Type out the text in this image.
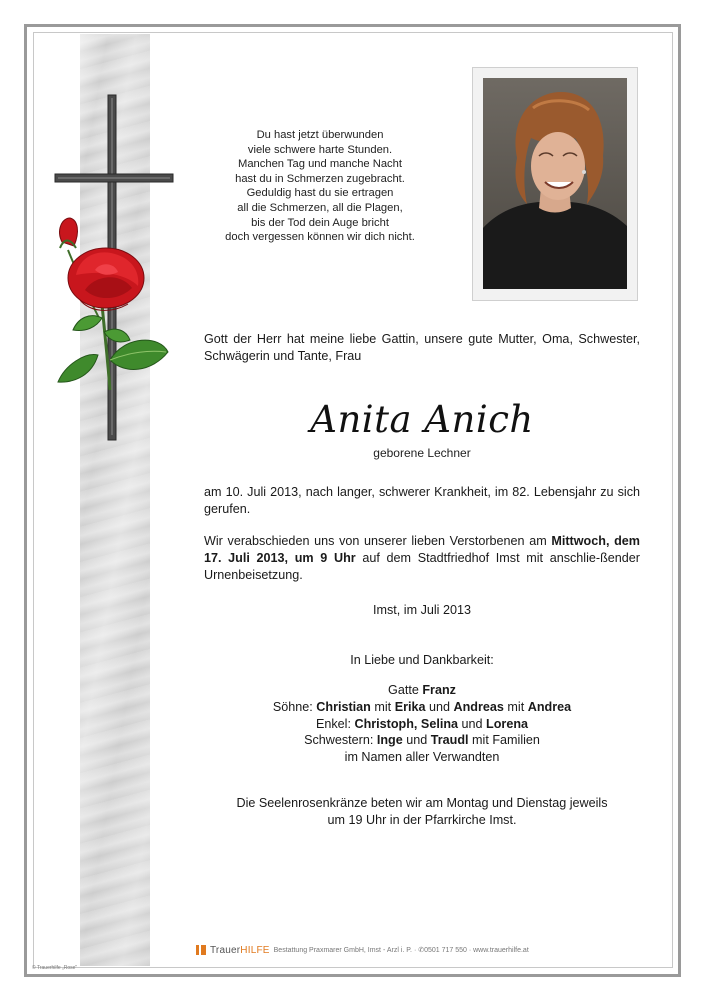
Du hast jetzt überwunden
viele schwere harte Stunden.
Manchen Tag und manche Nacht
hast du in Schmerzen zugebracht.
Geduldig hast du sie ertragen
all die Schmerzen, all die Plagen,
bis der Tod dein Auge bricht
doch vergessen können wir dich nicht.
Gott der Herr hat meine liebe Gattin, unsere gute Mutter, Oma, Schwester, Schwägerin und Tante, Frau
Anita Anich
geborene Lechner
am 10. Juli 2013, nach langer, schwerer Krankheit, im 82. Lebensjahr zu sich gerufen.
Wir verabschieden uns von unserer lieben Verstorbenen am Mittwoch, dem 17. Juli 2013, um 9 Uhr auf dem Stadtfriedhof Imst mit anschlie-ßender Urnenbeisetzung.
Imst, im Juli 2013
In Liebe und Dankbarkeit:
Gatte Franz
Söhne: Christian mit Erika und Andreas mit Andrea
Enkel: Christoph, Selina und Lorena
Schwestern: Inge und Traudl mit Familien
im Namen aller Verwandten
Die Seelenrosenkränze beten wir am Montag und Dienstag jeweils
um 19 Uhr in der Pfarrkirche Imst.
TrauerHILFE Bestattung Praxmarer GmbH, Imst - Arzl i. P. · ✆0501 717 550 · www.trauerhilfe.at
© Trauerhilfe „Rose"
